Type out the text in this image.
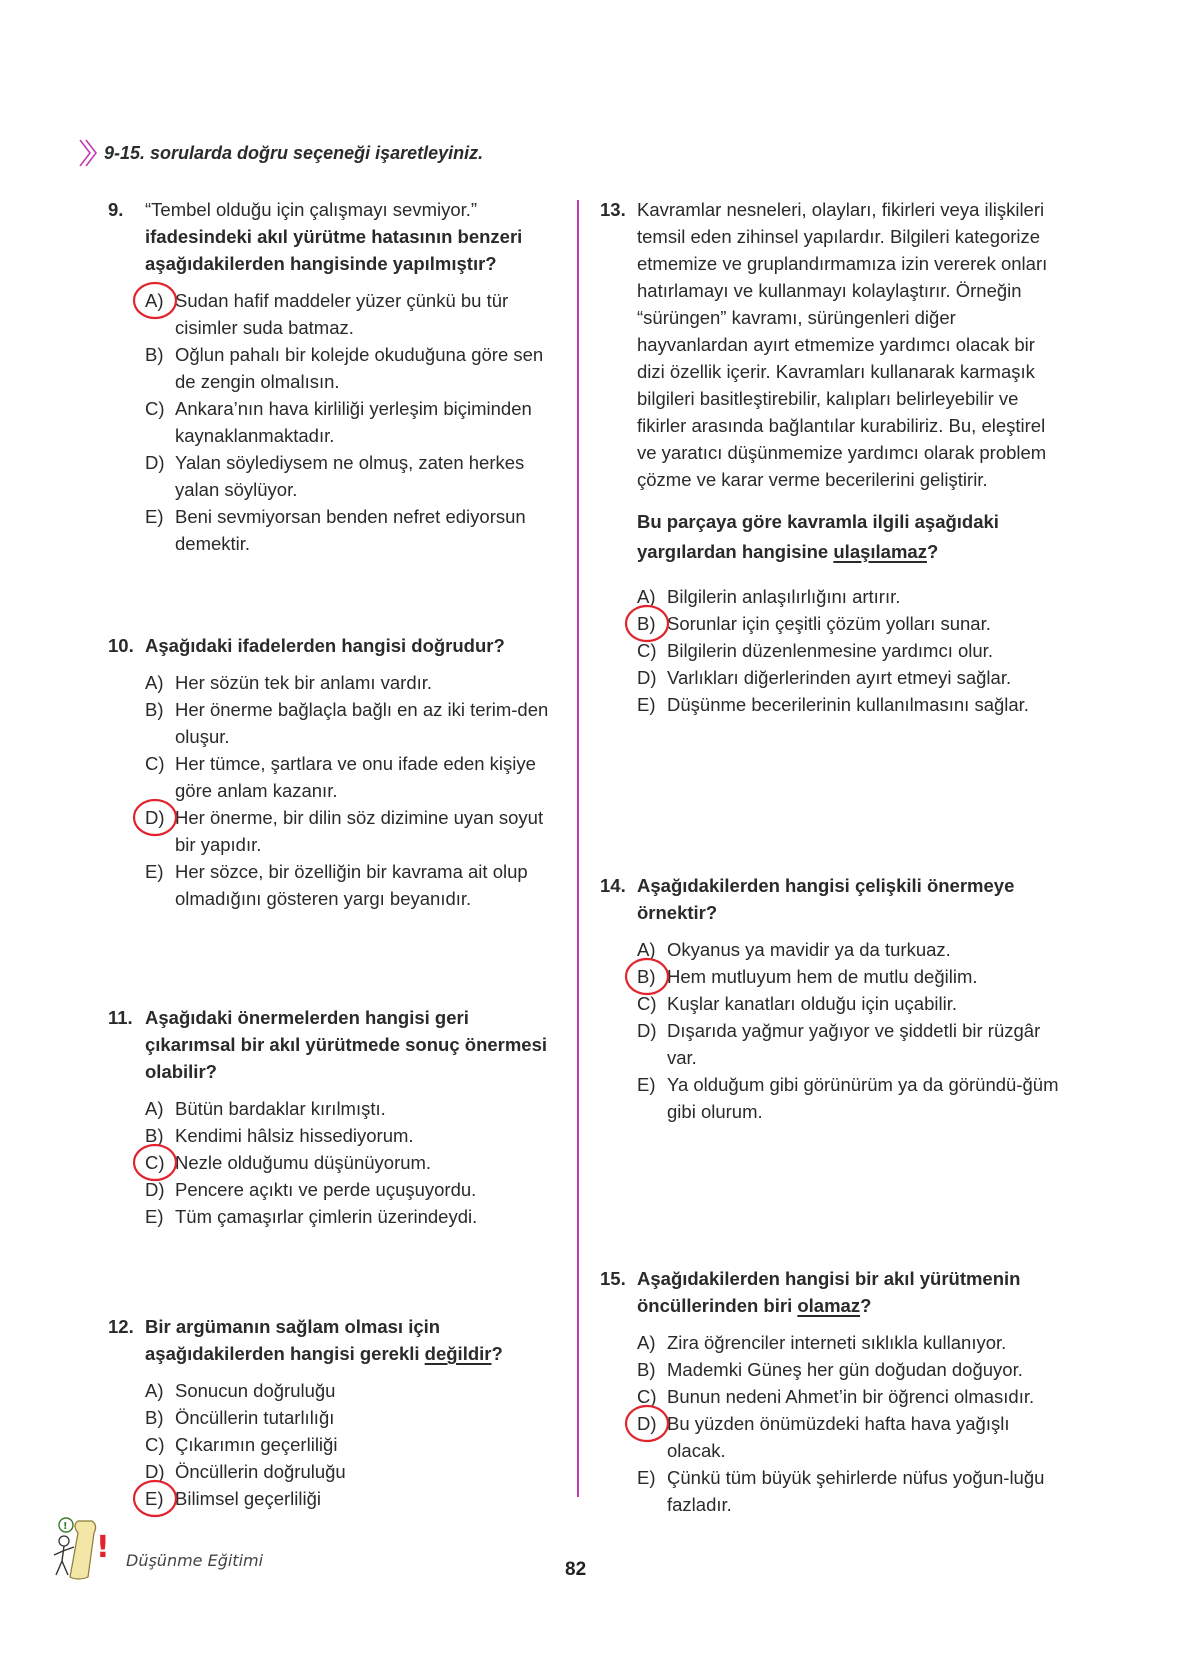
9-15. sorularda doğru seçeneği işaretleyiniz.
9.	“Tembel olduğu için çalışmayı sevmiyor.”
ifadesindeki akıl yürütme hatasının benzeri aşağıdakilerden hangisinde yapılmıştır?
A) Sudan hafif maddeler yüzer çünkü bu tür cisimler suda batmaz.
B) Oğlun pahalı bir kolejde okuduğuna göre sen de zengin olmalısın.
C) Ankara’nın hava kirliliği yerleşim biçiminden kaynaklanmaktadır.
D) Yalan söylediysem ne olmuş, zaten herkes yalan söylüyor.
E) Beni sevmiyorsan benden nefret ediyorsun demektir.
10. Aşağıdaki ifadelerden hangisi doğrudur?
A) Her sözün tek bir anlamı vardır.
B) Her önerme bağlaçla bağlı en az iki terim-den oluşur.
C) Her tümce, şartlara ve onu ifade eden kişiye göre anlam kazanır.
D) Her önerme, bir dilin söz dizimine uyan soyut bir yapıdır.
E) Her sözce, bir özelliğin bir kavrama ait olup olmadığını gösteren yargı beyanıdır.
11. Aşağıdaki önermelerden hangisi geri çıkarımsal bir akıl yürütmede sonuç önermesi olabilir?
A) Bütün bardaklar kırılmıştı.
B) Kendimi hâlsiz hissediyorum.
C) Nezle olduğumu düşünüyorum.
D) Pencere açıktı ve perde uçuşuyordu.
E) Tüm çamaşırlar çimlerin üzerindeydi.
12. Bir argümanın sağlam olması için aşağıdakilerden hangisi gerekli değildir?
A) Sonucun doğruluğu
B) Öncüllerin tutarlılığı
C) Çıkarımın geçerliliği
D) Öncüllerin doğruluğu
E) Bilimsel geçerliliği
13. Kavramlar nesneleri, olayları, fikirleri veya ilişkileri temsil eden zihinsel yapılardır. Bilgileri kategorize etmemize ve gruplandırmamıza izin vererek onları hatırlamayı ve kullanmayı kolaylaştırır. Örneğin “sürüngen” kavramı, sürüngenleri diğer hayvanlardan ayırt etmemize yardımcı olacak bir dizi özellik içerir. Kavramları kullanarak karmaşık bilgileri basitleştirebilir, kalıpları belirleyebilir ve fikirler arasında bağlantılar kurabiliriz. Bu, eleştirel ve yaratıcı düşünmemize yardımcı olarak problem çözme ve karar verme becerilerini geliştirir.
Bu parçaya göre kavramla ilgili aşağıdaki yargılardan hangisine ulaşılamaz?
A) Bilgilerin anlaşılırlığını artırır.
B) Sorunlar için çeşitli çözüm yolları sunar.
C) Bilgilerin düzenlenmesine yardımcı olur.
D) Varlıkları diğerlerinden ayırt etmeyi sağlar.
E) Düşünme becerilerinin kullanılmasını sağlar.
14. Aşağıdakilerden hangisi çelişkili önermeye örnektir?
A) Okyanus ya mavidir ya da turkuaz.
B) Hem mutluyum hem de mutlu değilim.
C) Kuşlar kanatları olduğu için uçabilir.
D) Dışarıda yağmur yağıyor ve şiddetli bir rüzgâr var.
E) Ya olduğum gibi görünürüm ya da göründü-ğüm gibi olurum.
15. Aşağıdakilerden hangisi bir akıl yürütmenin öncüllerinden biri olamaz?
A) Zira öğrenciler interneti sıklıkla kullanıyor.
B) Mademki Güneş her gün doğudan doğuyor.
C) Bunun nedeni Ahmet’in bir öğrenci olmasıdır.
D) Bu yüzden önümüzdeki hafta hava yağışlı olacak.
E) Çünkü tüm büyük şehirlerde nüfus yoğun-luğu fazladır.
!
! Düşünme Eğitimi	82
